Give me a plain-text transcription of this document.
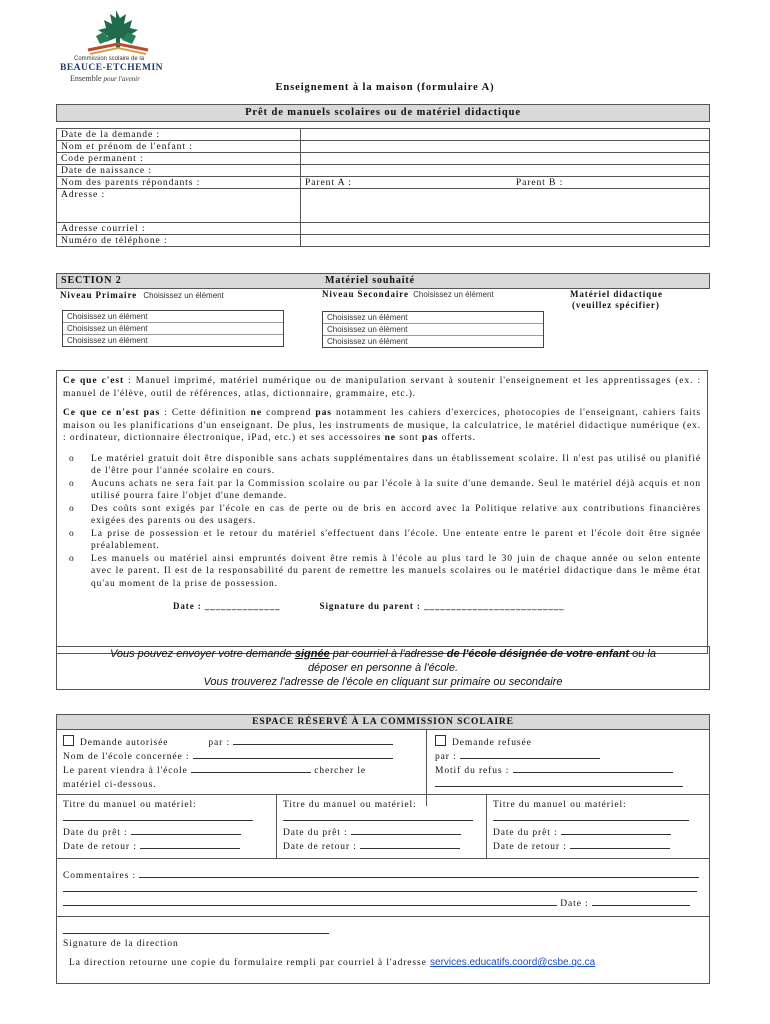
Commission scolaire de la
BEAUCE-ETCHEMIN
Ensemble pour l'avenir
Enseignement à la maison (formulaire A)
Prêt de manuels scolaires ou de matériel didactique
Date de la demande :	
Nom et prénom de l'enfant :	
Code permanent :	
Date de naissance :	
Nom des parents répondants :	Parent A : Parent B :
Adresse :	
Adresse courriel :	
Numéro de téléphone :	
SECTION 2	Matériel souhaité
Niveau Primaire Choisissez un élément	Niveau Secondaire Choisissez un élément	Matériel didactique
(veuillez spécifier)
Choisissez un élément
Choisissez un élément
Choisissez un élément
Choisissez un élément
Choisissez un élément
Choisissez un élément
Ce que c'est : Manuel imprimé, matériel numérique ou de manipulation servant à soutenir l'enseignement et les apprentissages (ex. : manuel de l'élève, outil de références, atlas, dictionnaire, grammaire, etc.).
Ce que ce n'est pas : Cette définition ne comprend pas notamment les cahiers d'exercices, photocopies de l'enseignant, cahiers faits maison ou les planifications d'un enseignant. De plus, les instruments de musique, la calculatrice, le matériel didactique numérique (ex. : ordinateur, dictionnaire électronique, iPad, etc.) et ses accessoires ne sont pas offerts.
o Le matériel gratuit doit être disponible sans achats supplémentaires dans un établissement scolaire. Il n'est pas utilisé ou planifié de l'être pour l'année scolaire en cours.
o Aucuns achats ne sera fait par la Commission scolaire ou par l'école à la suite d'une demande. Seul le matériel déjà acquis et non utilisé pourra faire l'objet d'une demande.
o Des coûts sont exigés par l'école en cas de perte ou de bris en accord avec la Politique relative aux contributions financières exigées des parents ou des usagers.
o La prise de possession et le retour du matériel s'effectuent dans l'école. Une entente entre le parent et l'école doit être signée préalablement.
o Les manuels ou matériel ainsi empruntés doivent être remis à l'école au plus tard le 30 juin de chaque année ou selon entente avec le parent. Il est de la responsabilité du parent de remettre les manuels scolaires ou le matériel didactique dans le même état qu'au moment de la prise de possession.
Date : ______________	Signature du parent : __________________________
Vous pouvez envoyer votre demande signée par courriel à l'adresse de l'école désignée de votre enfant ou la
déposer en personne à l'école.
Vous trouverez l'adresse de l'école en cliquant sur primaire ou secondaire
ESPACE RÉSERVÉ À LA COMMISSION SCOLAIRE
Demande autorisée	par :
Nom de l'école concernée :
Le parent viendra à l'école	chercher le
matériel ci-dessous.
Demande refusée
par :
Motif du refus :
Titre du manuel ou matériel:
Date du prêt :
Date de retour :
Titre du manuel ou matériel:
Date du prêt :
Date de retour :
Titre du manuel ou matériel:
Date du prêt :
Date de retour :
Commentaires :
Date :
Signature de la direction
La direction retourne une copie du formulaire rempli par courriel à l'adresse services.educatifs.coord@csbe.qc.ca
